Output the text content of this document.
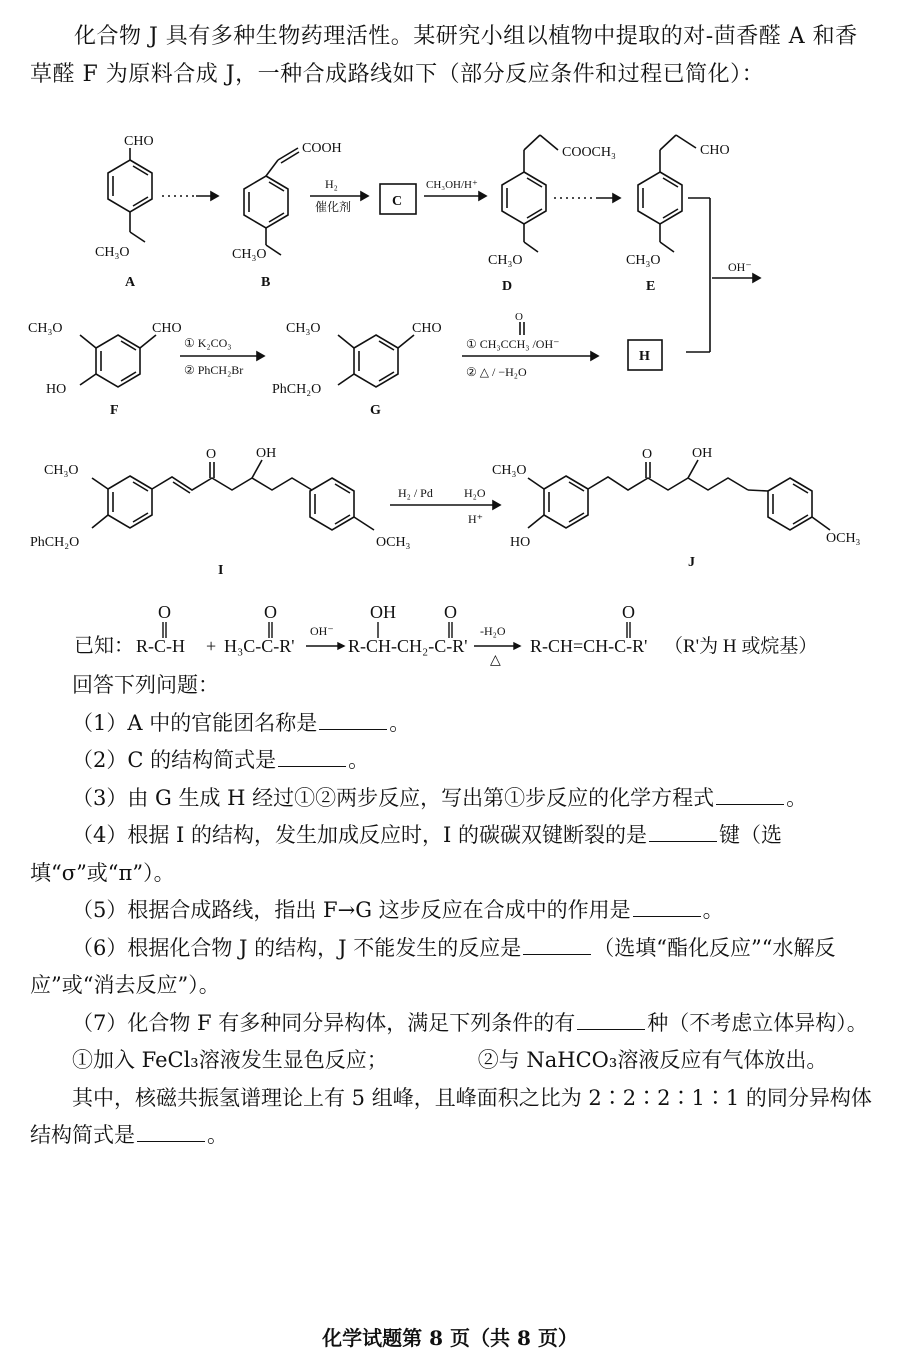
化合物 J 具有多种生物药理活性。某研究小组以植物中提取的对-茴香醛 A 和香草醛 F 为原料合成 J，一种合成路线如下（部分反应条件和过程已简化）：
CHO
CH₃O
A
COOH
CH₃O
B
H₂
催化剂	C
CH₃OH/H⁺
COOCH₃
CH₃O
D
CHO
CH₃O
E
OH⁻
CHO
CH₃O
HO
F
① K₂CO₃
② PhCH₂Br
CHO
CH₃O
PhCH₂O
G
O
① CH₃CCH₃ /OH⁻
② △ / −H₂O
H
CH₃O
PhCH₂O
O	OH
OCH₃
I
H₂ / Pd	H₂O
H⁺
CH₃O
HO
O	OH
OCH₃
J
已知：
O
R-C-H +
O
H₃C-C-R'
OH⁻
OH	O
R-CH-CH₂-C-R'
-H₂O
△
O
R-CH=CH-C-R' （R'为 H 或烷基）

回答下列问题：

（1）A 中的官能团名称是	。

（2）C 的结构简式是	。

（3）由 G 生成 H 经过①②两步反应，写出第①步反应的化学方程式	。

（4）根据 I 的结构，发生加成反应时，I 的碳碳双键断裂的是	键（选填“σ”或“π”）。

（5）根据合成路线，指出 F→G 这步反应在合成中的作用是	。

（6）根据化合物 J 的结构，J 不能发生的反应是	（选填“酯化反应”“水解反应”或“消去反应”）。

（7）化合物 F 有多种同分异构体，满足下列条件的有	种（不考虑立体异构）。

①加入 FeCl₃溶液发生显色反应；	②与 NaHCO₃溶液反应有气体放出。

其中，核磁共振氢谱理论上有 5 组峰，且峰面积之比为 2∶2∶2∶1∶1 的同分异构体结构简式是	。

化学试题第 8 页（共 8 页）
